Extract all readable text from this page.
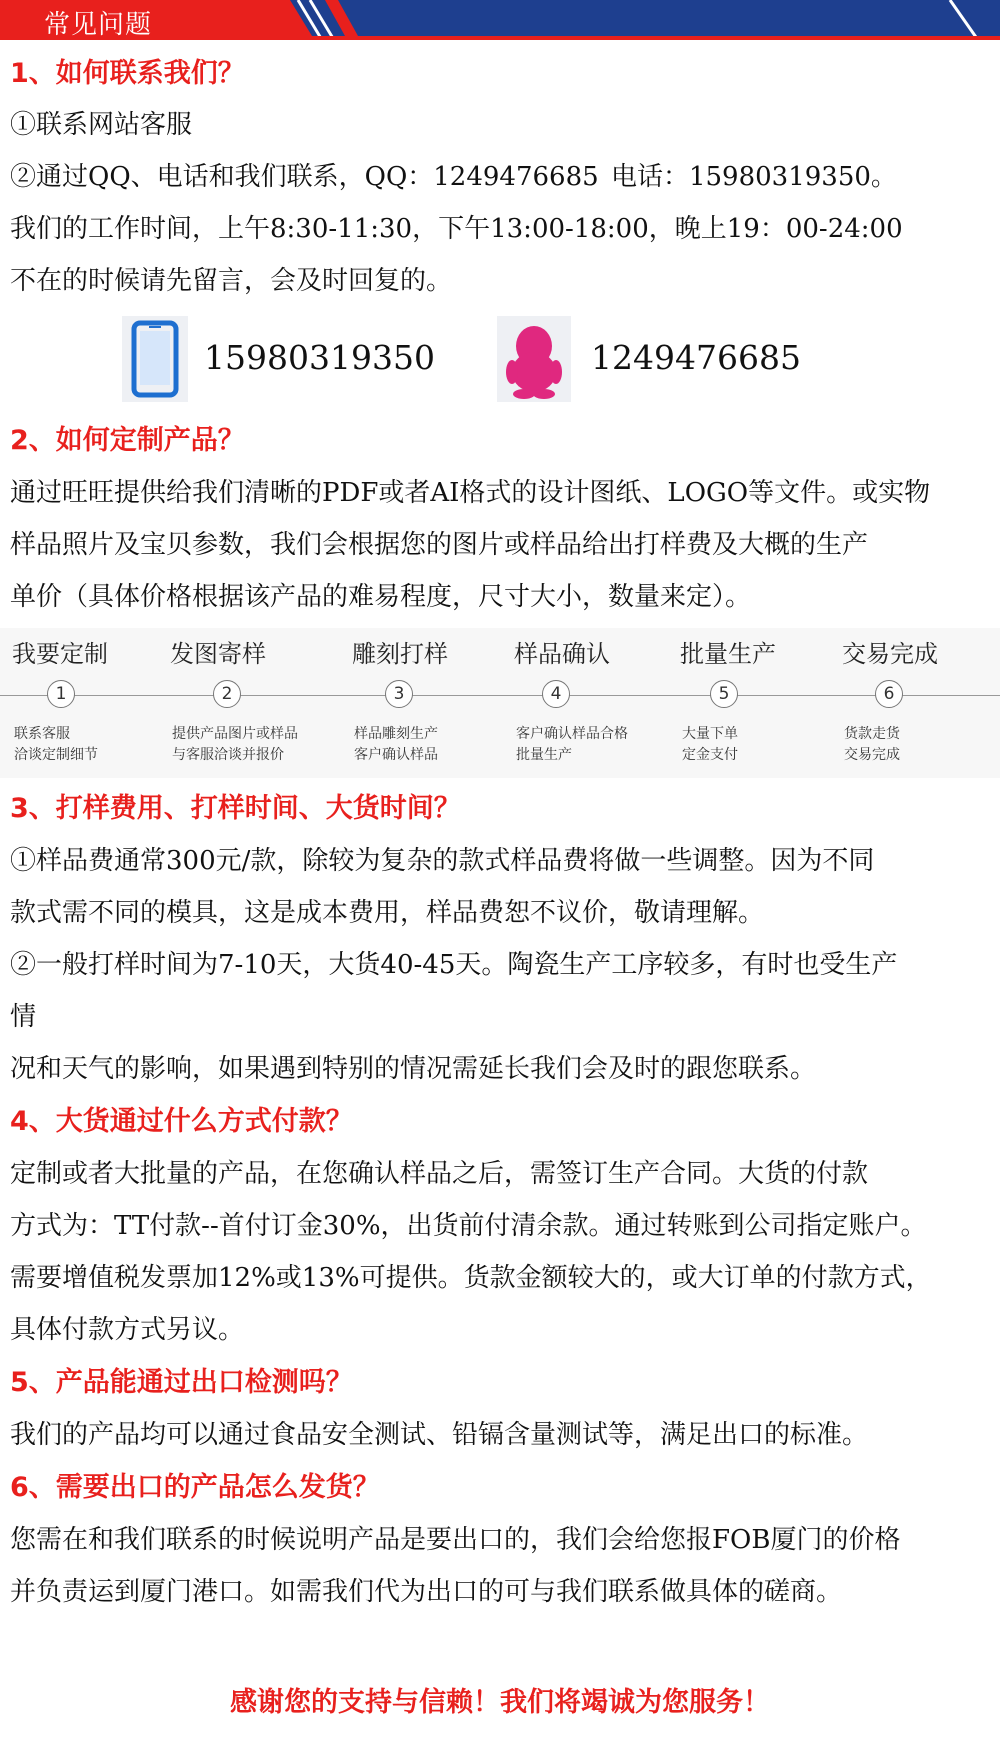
常见问题
1、如何联系我们？
①联系网站客服
②通过QQ、电话和我们联系，QQ：1249476685 电话：15980319350。
我们的工作时间，上午8:30-11:30，下午13:00-18:00，晚上19：00-24:00
不在的时候请先留言，会及时回复的。
15980319350	1249476685
2、如何定制产品？
通过旺旺提供给我们清晰的PDF或者AI格式的设计图纸、LOGO等文件。或实物
样品照片及宝贝参数，我们会根据您的图片或样品给出打样费及大概的生产
单价（具体价格根据该产品的难易程度，尺寸大小，数量来定）。
我要定制
1
联系客服
洽谈定制细节
发图寄样
2
提供产品图片或样品
与客服洽谈并报价
雕刻打样
3
样品雕刻生产
客户确认样品
样品确认
4
客户确认样品合格
批量生产
批量生产
5
大量下单
定金支付
交易完成
6
货款走货
交易完成
3、打样费用、打样时间、大货时间？
①样品费通常300元/款，除较为复杂的款式样品费将做一些调整。因为不同
款式需不同的模具，这是成本费用，样品费恕不议价，敬请理解。
②一般打样时间为7-10天，大货40-45天。陶瓷生产工序较多，有时也受生产
情
况和天气的影响，如果遇到特别的情况需延长我们会及时的跟您联系。
4、大货通过什么方式付款？
定制或者大批量的产品，在您确认样品之后，需签订生产合同。大货的付款
方式为：TT付款--首付订金30%，出货前付清余款。通过转账到公司指定账户。
需要增值税发票加12%或13%可提供。货款金额较大的，或大订单的付款方式，
具体付款方式另议。
5、产品能通过出口检测吗？
我们的产品均可以通过食品安全测试、铅镉含量测试等，满足出口的标准。
6、需要出口的产品怎么发货？
您需在和我们联系的时候说明产品是要出口的，我们会给您报FOB厦门的价格
并负责运到厦门港口。如需我们代为出口的可与我们联系做具体的磋商。
感谢您的支持与信赖！我们将竭诚为您服务！
